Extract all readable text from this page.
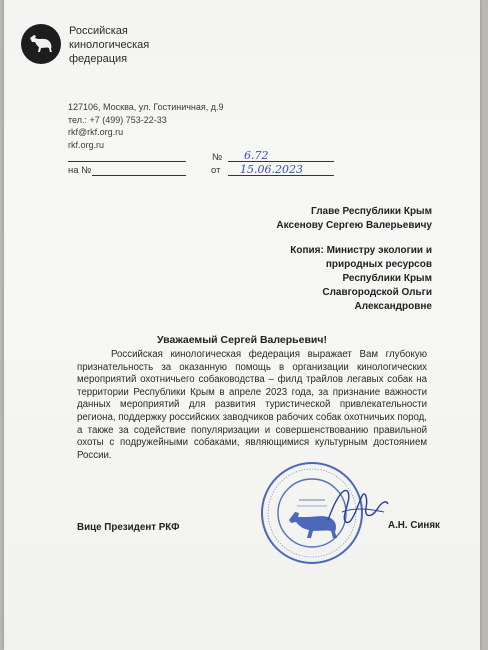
Российская
кинологическая
федерация
127106, Москва, ул. Гостиничная, д.9
тел.: +7 (499) 753-22-33
rkf@rkf.org.ru
rkf.org.ru
на №
№ 6.72
от 15.06.2023
Главе Республики Крым
Аксенову Сергею Валерьевичу
Копия: Министру экологии и
природных ресурсов
Республики Крым
Славгородской Ольги
Александровне
Уважаемый Сергей Валерьевич!
Российская кинологическая федерация выражает Вам глубокую признательность за оказанную помощь в организации кинологических мероприятий охотничьего собаководства – филд трайлов легавых собак на территории Республики Крым в апреле 2023 года, за признание важности данных мероприятий для развития туристической привлекательности региона, поддержку российских заводчиков рабочих собак охотничьих пород, а также за содействие популяризации и совершенствованию правильной охоты с подружейными собаками, являющимися культурным достоянием России.
Вице Президент РКФ	А.Н. Синяк
